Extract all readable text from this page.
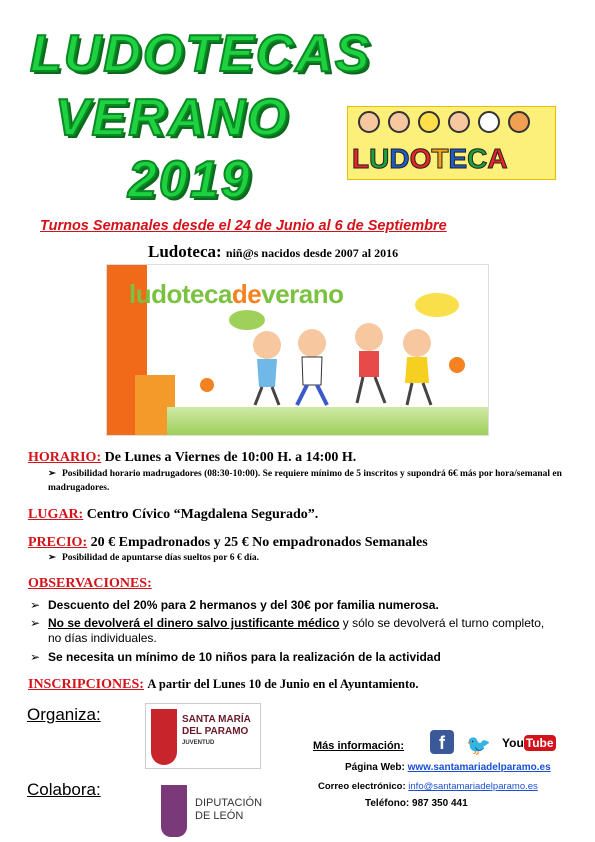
LUDOTECAS
VERANO
2019	L U D O T E C A
Turnos Semanales desde el 24 de Junio al 6 de Septiembre
Ludoteca: niñ@s nacidos desde 2007 al 2016
ludotecadeverano
HORARIO: De Lunes a Viernes de 10:00 H. a 14:00 H.
➢ Posibilidad horario madrugadores (08:30-10:00). Se requiere mínimo de 5 inscritos y supondrá 6€ más por hora/semanal en madrugadores.
LUGAR: Centro Cívico “Magdalena Segurado”.
PRECIO: 20 € Empadronados y 25 € No empadronados Semanales
➢ Posibilidad de apuntarse días sueltos por 6 € día.
OBSERVACIONES:
➢ Descuento del 20% para 2 hermanos y del 30€ por familia numerosa.
➢ No se devolverá el dinero salvo justificante médico y sólo se devolverá el turno completo, no días individuales.
➢ Se necesita un mínimo de 10 niños para la realización de la actividad
INSCRIPCIONES: A partir del Lunes 10 de Junio en el Ayuntamiento.
Organiza:	SANTA MARÍA
DEL PARAMO
JUVENTUD
Colabora:
DIPUTACIÓN
DE LEÓN
Más información:	f	🐦 You Tube
Página Web: www.santamariadelparamo.es
Correo electrónico: info@santamariadelparamo.es
Teléfono: 987 350 441
